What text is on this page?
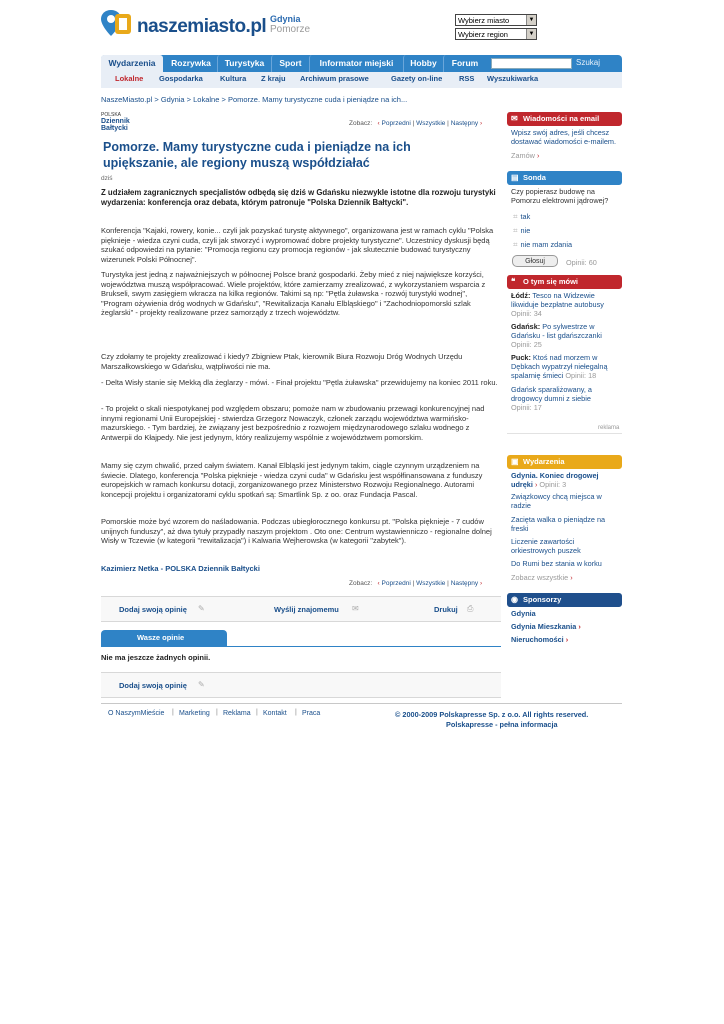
naszemiasto.pl Gdynia
Pomorze
Wybierz miasto	▼
Wybierz region	▼
Wydarzenia	Rozrywka	Turystyka	Sport	Informator miejski	Hobby	Forum	Szukaj
Lokalne Gospodarka Kultura Z kraju Archiwum prasowe	Gazety on-line RSS Wyszukiwarka
NaszeMiasto.pl > Gdynia > Lokalne > Pomorze. Mamy turystyczne cuda i pieniądze na ich...
POLSKA
Dziennik
Bałtycki
Zobacz:   ‹ Poprzedni | Wszystkie | Następny ›
Pomorze. Mamy turystyczne cuda i pieniądze na ich upiększanie, ale regiony muszą współdziałać
dziś
Z udziałem zagranicznych specjalistów odbędą się dziś w Gdańsku niezwykle istotne dla rozwoju turystyki wydarzenia: konferencja oraz debata, którym patronuje "Polska Dziennik Bałtycki".
Konferencja "Kajaki, rowery, konie... czyli jak pozyskać turystę aktywnego", organizowana jest w ramach cyklu "Polska pięknieje - wiedza czyni cuda, czyli jak stworzyć i wypromować dobre projekty turystyczne". Uczestnicy dyskusji będą szukać odpowiedzi na pytanie: "Promocja regionu czy promocja regionów - jak skutecznie budować turystyczny wizerunek Polski Północnej".
Turystyka jest jedną z najważniejszych w północnej Polsce branż gospodarki. Żeby mieć z niej największe korzyści, województwa muszą współpracować. Wiele projektów, które zamierzamy zrealizować, z wykorzystaniem wsparcia z Brukseli, swym zasięgiem wkracza na kilka regionów. Takimi są np: "Pętla żuławska - rozwój turystyki wodnej", "Program ożywienia dróg wodnych w Gdańsku", "Rewitalizacja Kanału Elbląskiego" i "Zachodniopomorski szlak żeglarski" - projekty realizowane przez samorządy z trzech województw.
Czy zdołamy te projekty zrealizować i kiedy? Zbigniew Ptak, kierownik Biura Rozwoju Dróg Wodnych Urzędu Marszałkowskiego w Gdańsku, wątpliwości nie ma.
- Delta Wisły stanie się Mekką dla żeglarzy - mówi. - Finał projektu "Pętla żuławska" przewidujemy na koniec 2011 roku.
- To projekt o skali niespotykanej pod względem obszaru; pomoże nam w zbudowaniu przewagi konkurencyjnej nad innymi regionami Unii Europejskiej - stwierdza Grzegorz Nowaczyk, członek zarządu województwa warmińsko-mazurskiego. - Tym bardziej, że związany jest bezpośrednio z rozwojem międzynarodowego szlaku wodnego z Antwerpii do Kłajpedy. Nie jest jedynym, który realizujemy wspólnie z województwem pomorskim.
Mamy się czym chwalić, przed całym światem. Kanał Elbląski jest jedynym takim, ciągle czynnym urządzeniem na świecie. Dlatego, konferencja "Polska pięknieje - wiedza czyni cuda" w Gdańsku jest współfinansowana z funduszy europejskich w ramach konkursu dotacji, zorganizowanego przez Ministerstwo Rozwoju Regionalnego. Autorami koncepcji projektu i organizatorami cyklu spotkań są: Smartlink Sp. z oo. oraz Fundacja Pascal.
Pomorskie może być wzorem do naśladowania. Podczas ubiegłorocznego konkursu pt. "Polska pięknieje - 7 cudów unijnych funduszy", aż dwa tytuły przypadły naszym projektom . Oto one: Centrum wystawienniczo - regionalne dolnej Wisły w Tczewie (w kategorii "rewitalizacja") i Kalwaria Wejherowska (w kategorii "zabytek").
Kazimierz Netka - POLSKA Dziennik Bałtycki
Zobacz:   ‹ Poprzedni | Wszystkie | Następny ›
Dodaj swoją opinię ✎	Wyślij znajomemu ✉	Drukuj ⎙
Wasze opinie
Nie ma jeszcze żadnych opinii.
Dodaj swoją opinię ✎
✉ Wiadomości na email
Wpisz swój adres, jeśli chcesz dostawać wiadomości e-mailem.
Zamów ›
▤ Sonda
Czy popierasz budowę na Pomorzu elektrowni jądrowej?
⌗ tak
⌗ nie
⌗ nie mam zdania
Głosuj	Opinii: 60
❝ O tym się mówi
Łódź: Tesco na Widzewie likwiduje bezpłatne autobusy
Opinii: 34
Gdańsk: Po sylwestrze w Gdańsku - list gdańszczanki
Opinii: 25
Puck: Ktoś nad morzem w Dębkach wypatrzył niełegalną spalarnię śmieci Opinii: 18
Gdańsk sparaliżowany, a drogowcy dumni z siebie
Opinii: 17
reklama
▣ Wydarzenia
Gdynia. Koniec drogowej udręki › Opinii: 3
Związkowcy chcą miejsca w radzie
Zacięta walka o pieniądze na freski
Liczenie zawartości orkiestrowych puszek
Do Rumi bez stania w korku
Zobacz wszystkie ›
◉ Sponsorzy
Gdynia
Gdynia Mieszkania ›
Nieruchomości ›
O NaszymMieście | Marketing | Reklama | Kontakt | Praca	© 2000-2009 Polskapresse Sp. z o.o. All rights reserved.
Polskapresse - pełna informacja
